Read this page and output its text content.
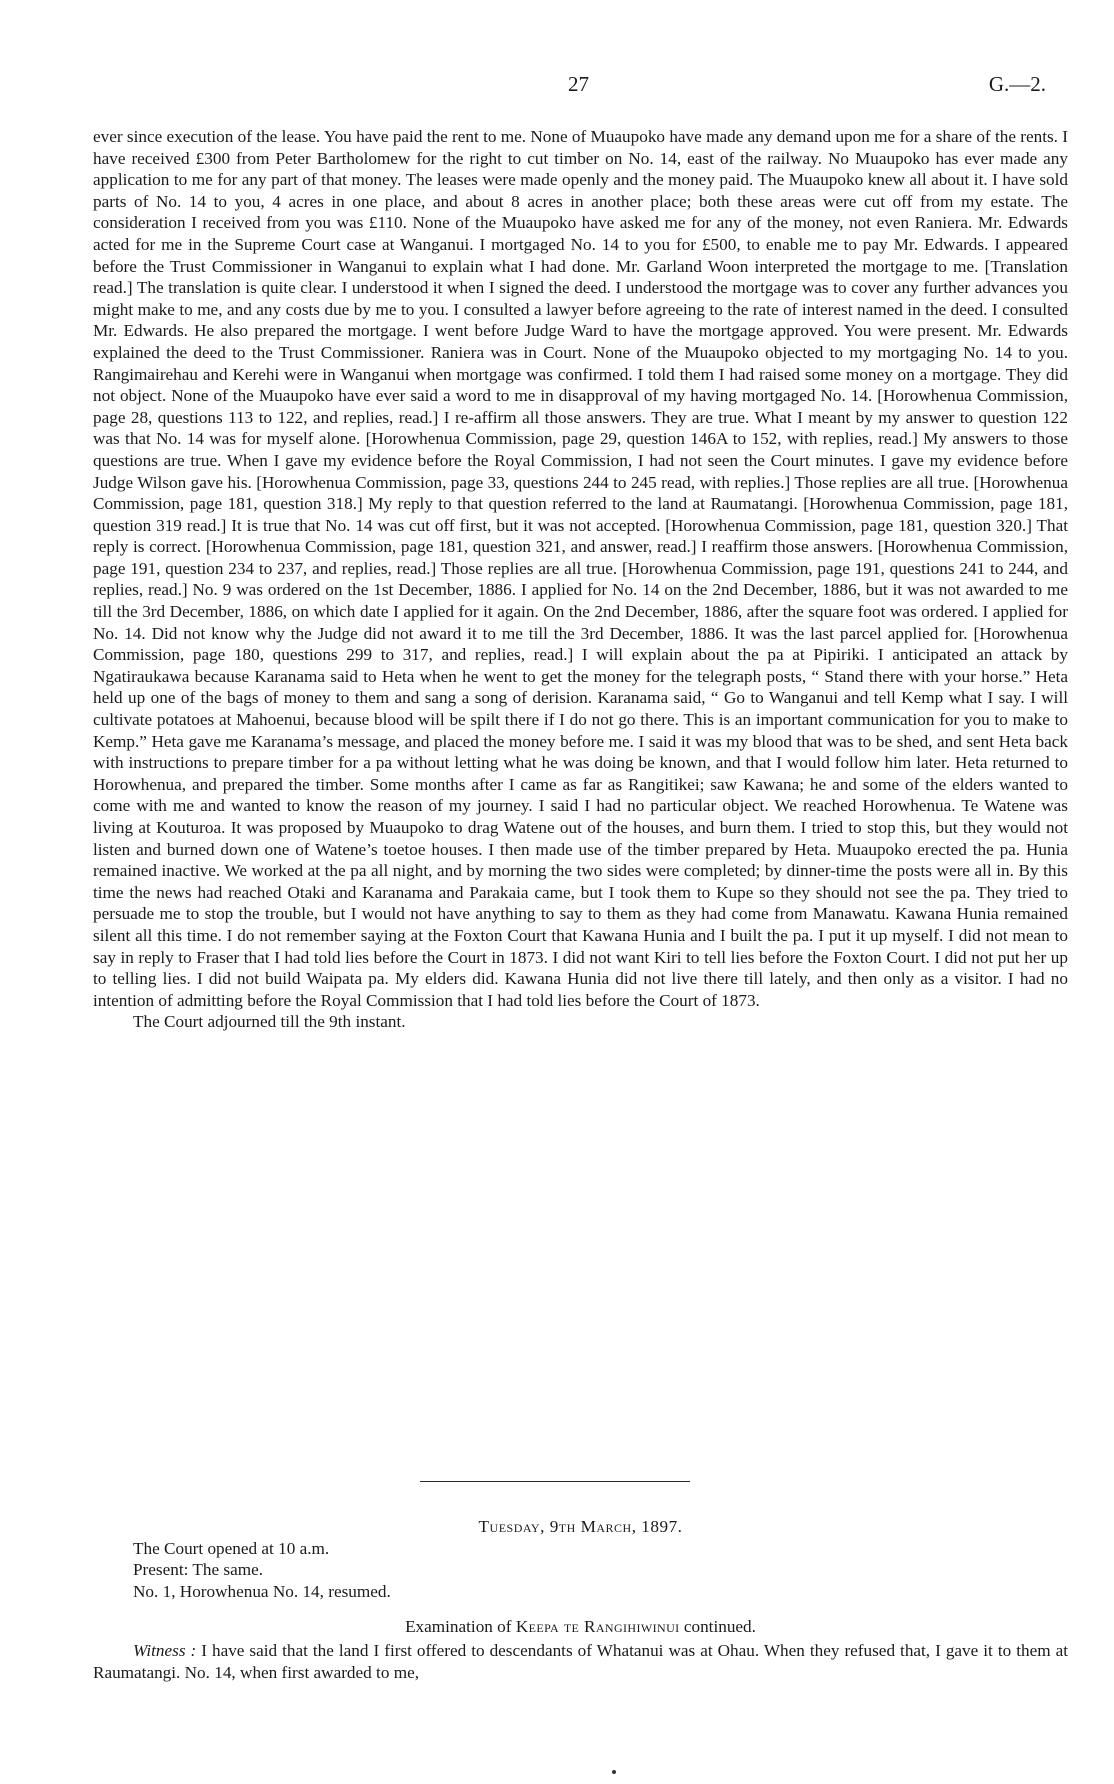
27	G.—2.

ever since execution of the lease. You have paid the rent to me. None of Muaupoko have made any demand upon me for a share of the rents. I have received £300 from Peter Bartholomew for the right to cut timber on No. 14, east of the railway. No Muaupoko has ever made any application to me for any part of that money. The leases were made openly and the money paid. The Muaupoko knew all about it. I have sold parts of No. 14 to you, 4 acres in one place, and about 8 acres in another place; both these areas were cut off from my estate. The consideration I received from you was £110. None of the Muaupoko have asked me for any of the money, not even Raniera. Mr. Edwards acted for me in the Supreme Court case at Wanganui. I mortgaged No. 14 to you for £500, to enable me to pay Mr. Edwards. I appeared before the Trust Commissioner in Wanganui to explain what I had done. Mr. Garland Woon interpreted the mortgage to me. [Translation read.] The translation is quite clear. I understood it when I signed the deed. I understood the mortgage was to cover any further advances you might make to me, and any costs due by me to you. I consulted a lawyer before agreeing to the rate of interest named in the deed. I consulted Mr. Edwards. He also prepared the mortgage. I went before Judge Ward to have the mortgage approved. You were present. Mr. Edwards explained the deed to the Trust Commissioner. Raniera was in Court. None of the Muaupoko objected to my mortgaging No. 14 to you. Rangimairehau and Kerehi were in Wanganui when mortgage was confirmed. I told them I had raised some money on a mortgage. They did not object. None of the Muaupoko have ever said a word to me in disapproval of my having mortgaged No. 14. [Horowhenua Commission, page 28, questions 113 to 122, and replies, read.] I re-affirm all those answers. They are true. What I meant by my answer to question 122 was that No. 14 was for myself alone. [Horowhenua Commission, page 29, question 146A to 152, with replies, read.] My answers to those questions are true. When I gave my evidence before the Royal Commission, I had not seen the Court minutes. I gave my evidence before Judge Wilson gave his. [Horowhenua Commission, page 33, questions 244 to 245 read, with replies.] Those replies are all true. [Horowhenua Commission, page 181, question 318.] My reply to that question referred to the land at Raumatangi. [Horowhenua Commission, page 181, question 319 read.] It is true that No. 14 was cut off first, but it was not accepted. [Horowhenua Commission, page 181, question 320.] That reply is correct. [Horowhenua Commission, page 181, question 321, and answer, read.] I reaffirm those answers. [Horowhenua Commission, page 191, question 234 to 237, and replies, read.] Those replies are all true. [Horowhenua Commission, page 191, questions 241 to 244, and replies, read.] No. 9 was ordered on the 1st December, 1886. I applied for No. 14 on the 2nd December, 1886, but it was not awarded to me till the 3rd December, 1886, on which date I applied for it again. On the 2nd December, 1886, after the square foot was ordered. I applied for No. 14. Did not know why the Judge did not award it to me till the 3rd December, 1886. It was the last parcel applied for. [Horowhenua Commission, page 180, questions 299 to 317, and replies, read.] I will explain about the pa at Pipiriki. I anticipated an attack by Ngatiraukawa because Karanama said to Heta when he went to get the money for the telegraph posts, “ Stand there with your horse.” Heta held up one of the bags of money to them and sang a song of derision. Karanama said, “ Go to Wanganui and tell Kemp what I say. I will cultivate potatoes at Mahoenui, because blood will be spilt there if I do not go there. This is an important communication for you to make to Kemp.” Heta gave me Karanama’s message, and placed the money before me. I said it was my blood that was to be shed, and sent Heta back with instructions to prepare timber for a pa without letting what he was doing be known, and that I would follow him later. Heta returned to Horowhenua, and prepared the timber. Some months after I came as far as Rangitikei; saw Kawana; he and some of the elders wanted to come with me and wanted to know the reason of my journey. I said I had no particular object. We reached Horowhenua. Te Watene was living at Kouturoa. It was proposed by Muaupoko to drag Watene out of the houses, and burn them. I tried to stop this, but they would not listen and burned down one of Watene’s toetoe houses. I then made use of the timber prepared by Heta. Muaupoko erected the pa. Hunia remained inactive. We worked at the pa all night, and by morning the two sides were completed; by dinner-time the posts were all in. By this time the news had reached Otaki and Karanama and Parakaia came, but I took them to Kupe so they should not see the pa. They tried to persuade me to stop the trouble, but I would not have anything to say to them as they had come from Manawatu. Kawana Hunia remained silent all this time. I do not remember saying at the Foxton Court that Kawana Hunia and I built the pa. I put it up myself. I did not mean to say in reply to Fraser that I had told lies before the Court in 1873. I did not want Kiri to tell lies before the Foxton Court. I did not put her up to telling lies. I did not build Waipata pa. My elders did. Kawana Hunia did not live there till lately, and then only as a visitor. I had no intention of admitting before the Royal Commission that I had told lies before the Court of 1873.

The Court adjourned till the 9th instant.

Tuesday, 9th March, 1897.

The Court opened at 10 a.m.

Present: The same.

No. 1, Horowhenua No. 14, resumed.

Examination of Keepa te Rangihiwinui continued.

Witness : I have said that the land I first offered to descendants of Whatanui was at Ohau. When they refused that, I gave it to them at Raumatangi. No. 14, when first awarded to me,
